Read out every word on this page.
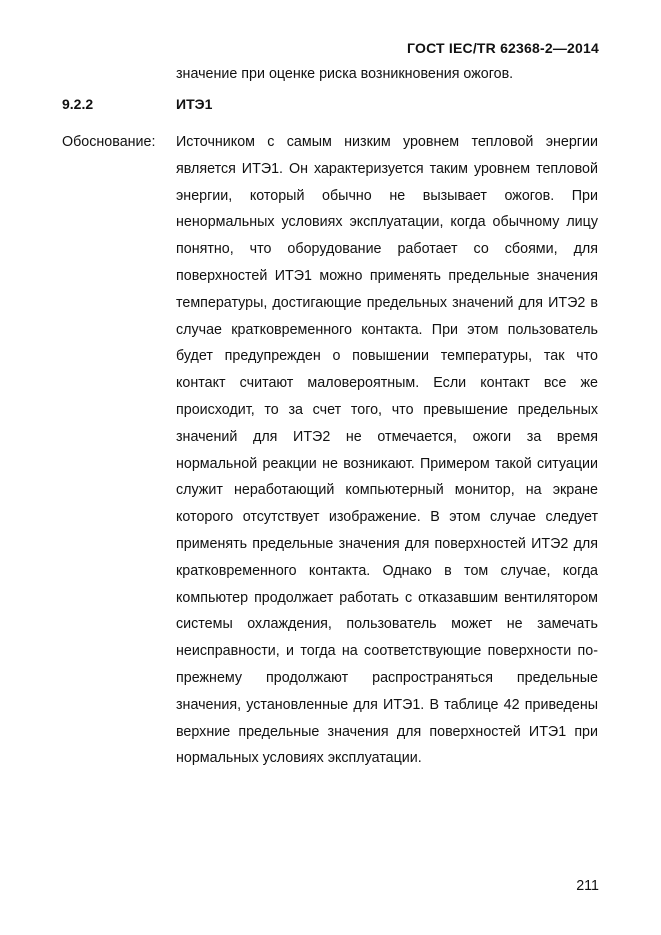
ГОСТ IEC/TR 62368-2—2014
значение при оценке риска возникновения ожогов.
9.2.2	ИТЭ1
Обоснование: Источником с самым низким уровнем тепловой энергии является ИТЭ1. Он характеризуется таким уровнем тепловой энергии, который обычно не вызывает ожогов. При ненормальных условиях эксплуатации, когда обычному лицу понятно, что оборудование работает со сбоями, для поверхностей ИТЭ1 можно применять предельные значения температуры, достигающие предельных значений для ИТЭ2 в случае кратковременного контакта. При этом пользователь будет предупрежден о повышении температуры, так что контакт считают маловероятным. Если контакт все же происходит, то за счет того, что превышение предельных значений для ИТЭ2 не отмечается, ожоги за время нормальной реакции не возникают. Примером такой ситуации служит неработающий компьютерный монитор, на экране которого отсутствует изображение. В этом случае следует применять предельные значения для поверхностей ИТЭ2 для кратковременного контакта. Однако в том случае, когда компьютер продолжает работать с отказавшим вентилятором системы охлаждения, пользователь может не замечать неисправности, и тогда на соответствующие поверхности по-прежнему продолжают распространяться предельные значения, установленные для ИТЭ1. В таблице 42 приведены верхние предельные значения для поверхностей ИТЭ1 при нормальных условиях эксплуатации.
211
